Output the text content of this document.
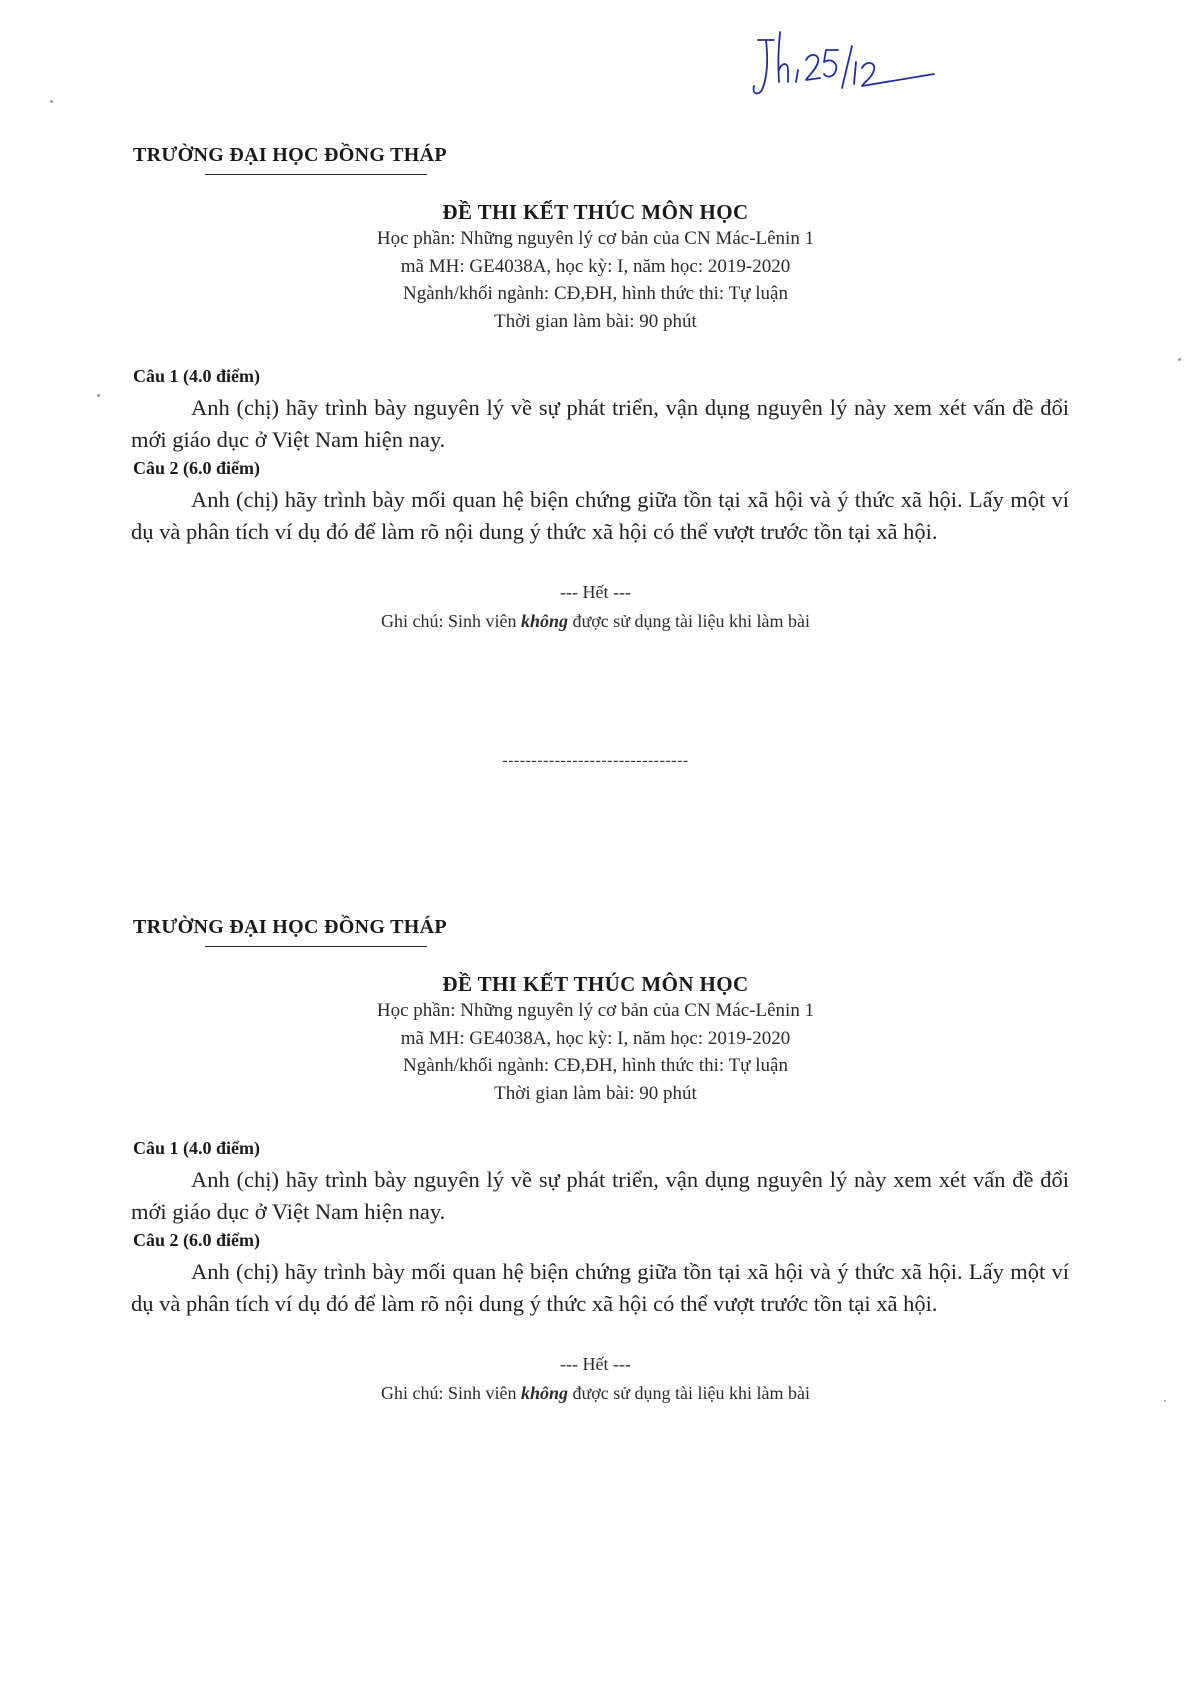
TRƯỜNG ĐẠI HỌC ĐỒNG THÁP
ĐỀ THI KẾT THÚC MÔN HỌC
Học phần: Những nguyên lý cơ bản của CN Mác-Lênin 1
mã MH: GE4038A, học kỳ: I, năm học: 2019-2020
Ngành/khối ngành: CĐ,ĐH, hình thức thi: Tự luận
Thời gian làm bài: 90 phút
Câu 1 (4.0 điểm)
Anh (chị) hãy trình bày nguyên lý về sự phát triển, vận dụng nguyên lý này xem xét vấn đề đổi mới giáo dục ở Việt Nam hiện nay.
Câu 2 (6.0 điểm)
Anh (chị) hãy trình bày mối quan hệ biện chứng giữa tồn tại xã hội và ý thức xã hội. Lấy một ví dụ và phân tích ví dụ đó để làm rõ nội dung ý thức xã hội có thể vượt trước tồn tại xã hội.
--- Hết ---
Ghi chú: Sinh viên không được sử dụng tài liệu khi làm bài
--------------------------------
TRƯỜNG ĐẠI HỌC ĐỒNG THÁP
ĐỀ THI KẾT THÚC MÔN HỌC
Học phần: Những nguyên lý cơ bản của CN Mác-Lênin 1
mã MH: GE4038A, học kỳ: I, năm học: 2019-2020
Ngành/khối ngành: CĐ,ĐH, hình thức thi: Tự luận
Thời gian làm bài: 90 phút
Câu 1 (4.0 điểm)
Anh (chị) hãy trình bày nguyên lý về sự phát triển, vận dụng nguyên lý này xem xét vấn đề đổi mới giáo dục ở Việt Nam hiện nay.
Câu 2 (6.0 điểm)
Anh (chị) hãy trình bày mối quan hệ biện chứng giữa tồn tại xã hội và ý thức xã hội. Lấy một ví dụ và phân tích ví dụ đó để làm rõ nội dung ý thức xã hội có thể vượt trước tồn tại xã hội.
--- Hết ---
Ghi chú: Sinh viên không được sử dụng tài liệu khi làm bài
